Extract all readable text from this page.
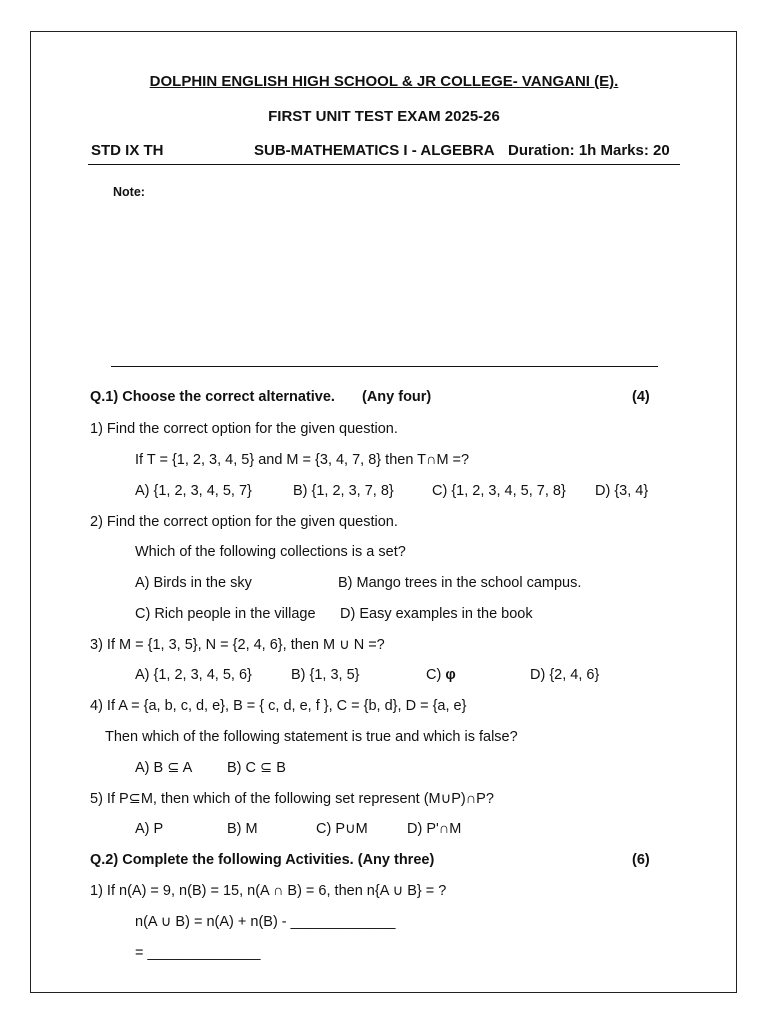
DOLPHIN ENGLISH HIGH SCHOOL & JR COLLEGE- VANGANI (E).
FIRST UNIT TEST EXAM 2025-26
STD IX TH	SUB-MATHEMATICS I - ALGEBRA Duration: 1h Marks: 20
Note:
Q.1) Choose the correct alternative. (Any four)	(4)
1) Find the correct option for the given question.
If T = {1, 2, 3, 4, 5} and M = {3, 4, 7, 8} then T∩M =?
A) {1, 2, 3, 4, 5, 7}	B) {1, 2, 3, 7, 8}	C) {1, 2, 3, 4, 5, 7, 8} D) {3, 4}
2) Find the correct option for the given question.
Which of the following collections is a set?
A) Birds in the sky	B) Mango trees in the school campus.
C) Rich people in the village D) Easy examples in the book
3) If M = {1, 3, 5}, N = {2, 4, 6}, then M ∪ N =?
A) {1, 2, 3, 4, 5, 6}	B) {1, 3, 5}	C) φ	D) {2, 4, 6}
4) If A = {a, b, c, d, e}, B = { c, d, e, f }, C = {b, d}, D = {a, e}
Then which of the following statement is true and which is false?
A) B ⊆ A B) C ⊆ B
5) If P⊆M, then which of the following set represent (M∪P)∩P?
A) P	B) M	C) P∪M	D) P'∩M
Q.2) Complete the following Activities. (Any three)	(6)
1) If n(A) = 9, n(B) = 15, n(A ∩ B) = 6, then n{A ∪ B} = ?
n(A ∪ B) = n(A) + n(B) - _____________
= ______________
